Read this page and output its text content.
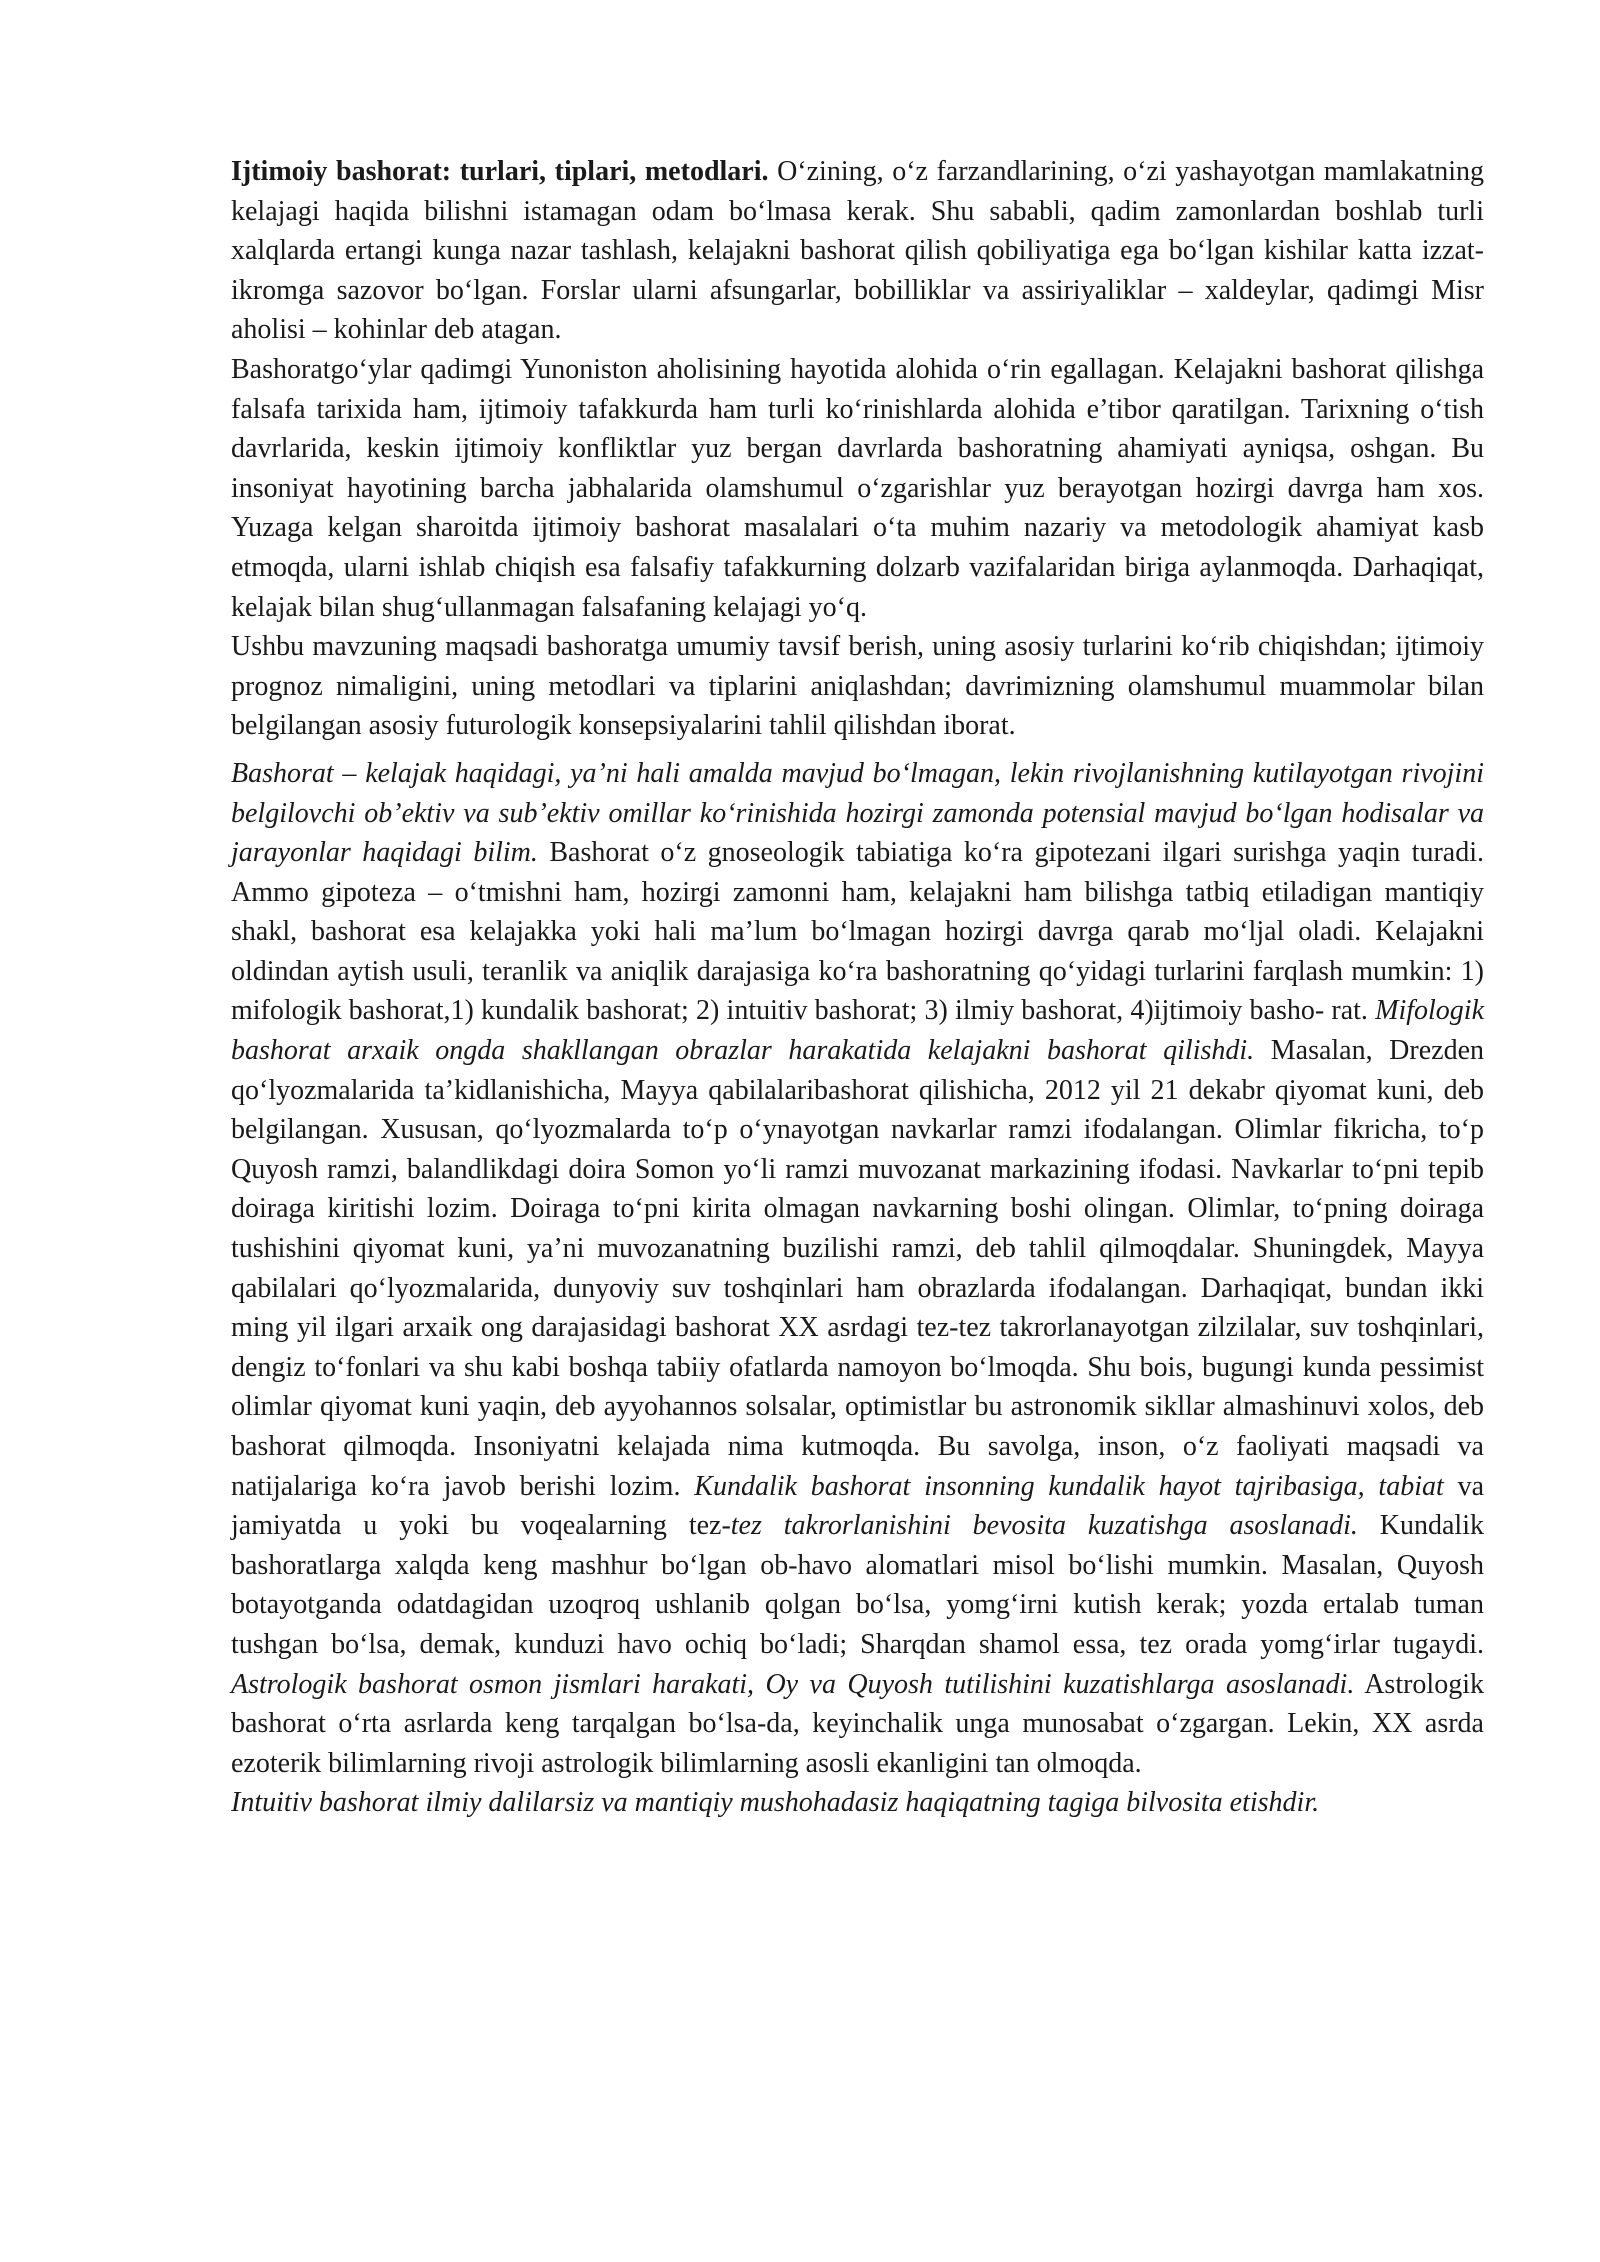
Ijtimoiy bashorat: turlari, tiplari, metodlari. O‘zining, o‘z farzandlarining, o‘zi yashayotgan mamlakatning kelajagi haqida bilishni istamagan odam bo‘lmasa kerak. Shu sababli, qadim zamonlardan boshlab turli xalqlarda ertangi kunga nazar tashlash, kelajakni bashorat qilish qobiliyatiga ega bo‘lgan kishilar katta izzat-ikromga sazovor bo‘lgan. Forslar ularni afsungarlar, bobilliklar va assiriyaliklar – xaldeylar, qadimgi Misr aholisi – kohinlar deb atagan.

Bashoratgo‘ylar qadimgi Yunoniston aholisining hayotida alohida o‘rin egallagan. Kelajakni bashorat qilishga falsafa tarixida ham, ijtimoiy tafakkurda ham turli ko‘rinishlarda alohida e’tibor qaratilgan. Tarixning o‘tish davrlarida, keskin ijtimoiy konfliktlar yuz bergan davrlarda bashoratning ahamiyati ayniqsa, oshgan. Bu insoniyat hayotining barcha jabhalarida olamshumul o‘zgarishlar yuz berayotgan hozirgi davrga ham xos. Yuzaga kelgan sharoitda ijtimoiy bashorat masalalari o‘ta muhim nazariy va metodologik ahamiyat kasb etmoqda, ularni ishlab chiqish esa falsafiy tafakkurning dolzarb vazifalaridan biriga aylanmoqda. Darhaqiqat, kelajak bilan shug‘ullanmagan falsafaning kelajagi yo‘q.

Ushbu mavzuning maqsadi bashoratga umumiy tavsif berish, uning asosiy turlarini ko‘rib chiqishdan; ijtimoiy prognoz nimaligini, uning metodlari va tiplarini aniqlashdan; davrimizning olamshumul muammolar bilan belgilangan asosiy futurologik konsepsiyalarini tahlil qilishdan iborat.

Bashorat – kelajak haqidagi, ya’ni hali amalda mavjud bo‘lmagan, lekin rivojlanishning kutilayotgan rivojini belgilovchi ob’ektiv va sub’ektiv omillar ko‘rinishida hozirgi zamonda potensial mavjud bo‘lgan hodisalar va jarayonlar haqidagi bilim. Bashorat o‘z gnoseologik tabiatiga ko‘ra gipotezani ilgari surishga yaqin turadi. Ammo gipoteza – o‘tmishni ham, hozirgi zamonni ham, kelajakni ham bilishga tatbiq etiladigan mantiqiy shakl, bashorat esa kelajakka yoki hali ma’lum bo‘lmagan hozirgi davrga qarab mo‘ljal oladi. Kelajakni oldindan aytish usuli, teranlik va aniqlik darajasiga ko‘ra bashoratning qo‘yidagi turlarini farqlash mumkin: 1) mifologik bashorat,1) kundalik bashorat; 2) intuitiv bashorat; 3) ilmiy bashorat, 4)ijtimoiy basho- rat. Mifologik bashorat arxaik ongda shakllangan obrazlar harakatida kelajakni bashorat qilishdi. Masalan, Drezden qo‘lyozmalarida ta’kidlanishicha, Mayya qabilalaribashorat qilishicha, 2012 yil 21 dekabr qiyomat kuni, deb belgilangan. Xususan, qo‘lyozmalarda to‘p o‘ynayotgan navkarlar ramzi ifodalangan. Olimlar fikricha, to‘p Quyosh ramzi, balandlikdagi doira Somon yo‘li ramzi muvozanat markazining ifodasi. Navkarlar to‘pni tepib doiraga kiritishi lozim. Doiraga to‘pni kirita olmagan navkarning boshi olingan. Olimlar, to‘pning doiraga tushishini qiyomat kuni, ya’ni muvozanatning buzilishi ramzi, deb tahlil qilmoqdalar. Shuningdek, Mayya qabilalari qo‘lyozmalarida, dunyoviy suv toshqinlari ham obrazlarda ifodalangan. Darhaqiqat, bundan ikki ming yil ilgari arxaik ong darajasidagi bashorat XX asrdagi tez-tez takrorlanayotgan zilzilalar, suv toshqinlari, dengiz to‘fonlari va shu kabi boshqa tabiiy ofatlarda namoyon bo‘lmoqda. Shu bois, bugungi kunda pessimist olimlar qiyomat kuni yaqin, deb ayyohannos solsalar, optimistlar bu astronomik sikllar almashinuvi xolos, deb bashorat qilmoqda. Insoniyatni kelajada nima kutmoqda. Bu savolga, inson, o‘z faoliyati maqsadi va natijalariga ko‘ra javob berishi lozim. Kundalik bashorat insonning kundalik hayot tajribasiga, tabiat va jamiyatda u yoki bu voqealarning tez-tez takrorlanishini bevosita kuzatishga asoslanadi. Kundalik bashoratlarga xalqda keng mashhur bo‘lgan ob-havo alomatlari misol bo‘lishi mumkin. Masalan, Quyosh botayotganda odatdagidan uzoqroq ushlanib qolgan bo‘lsa, yomg‘irni kutish kerak; yozda ertalab tuman tushgan bo‘lsa, demak, kunduzi havo ochiq bo‘ladi; Sharqdan shamol essa, tez orada yomg‘irlar tugaydi. Astrologik bashorat osmon jismlari harakati, Oy va Quyosh tutilishini kuzatishlarga asoslanadi. Astrologik bashorat o‘rta asrlarda keng tarqalgan bo‘lsa-da, keyinchalik unga munosabat o‘zgargan. Lekin, XX asrda ezoterik bilimlarning rivoji astrologik bilimlarning asosli ekanligini tan olmoqda.

Intuitiv bashorat ilmiy dalilarsiz va mantiqiy mushohadasiz haqiqatning tagiga bilvosita etishdir.
